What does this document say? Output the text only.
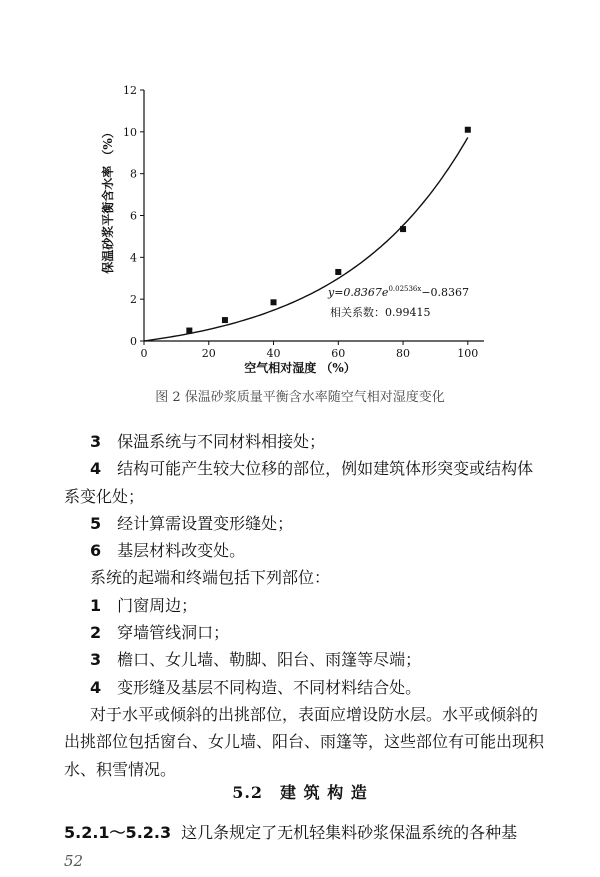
0	20	40	60	80	100
0
2
4
6
8
10
12
空气相对湿度 （%）
保温砂浆平衡含水率 （%）
$y=0.8367e^{0.02536x}-0.8367$
相关系数：0.99415
图 2 保温砂浆质量平衡含水率随空气相对湿度变化

3　保温系统与不同材料相接处；

4　结构可能产生较大位移的部位，例如建筑体形突变或结构体系变化处；

5　经计算需设置变形缝处；

6　基层材料改变处。

系统的起端和终端包括下列部位：

1　门窗周边；

2　穿墙管线洞口；

3　檐口、女儿墙、勒脚、阳台、雨篷等尽端；

4　变形缝及基层不同构造、不同材料结合处。

对于水平或倾斜的出挑部位，表面应增设防水层。水平或倾斜的出挑部位包括窗台、女儿墙、阳台、雨篷等，这些部位有可能出现积水、积雪情况。

5.2　建 筑 构 造
5.2.1～5.2.3 这几条规定了无机轻集料砂浆保温系统的各种基
52
